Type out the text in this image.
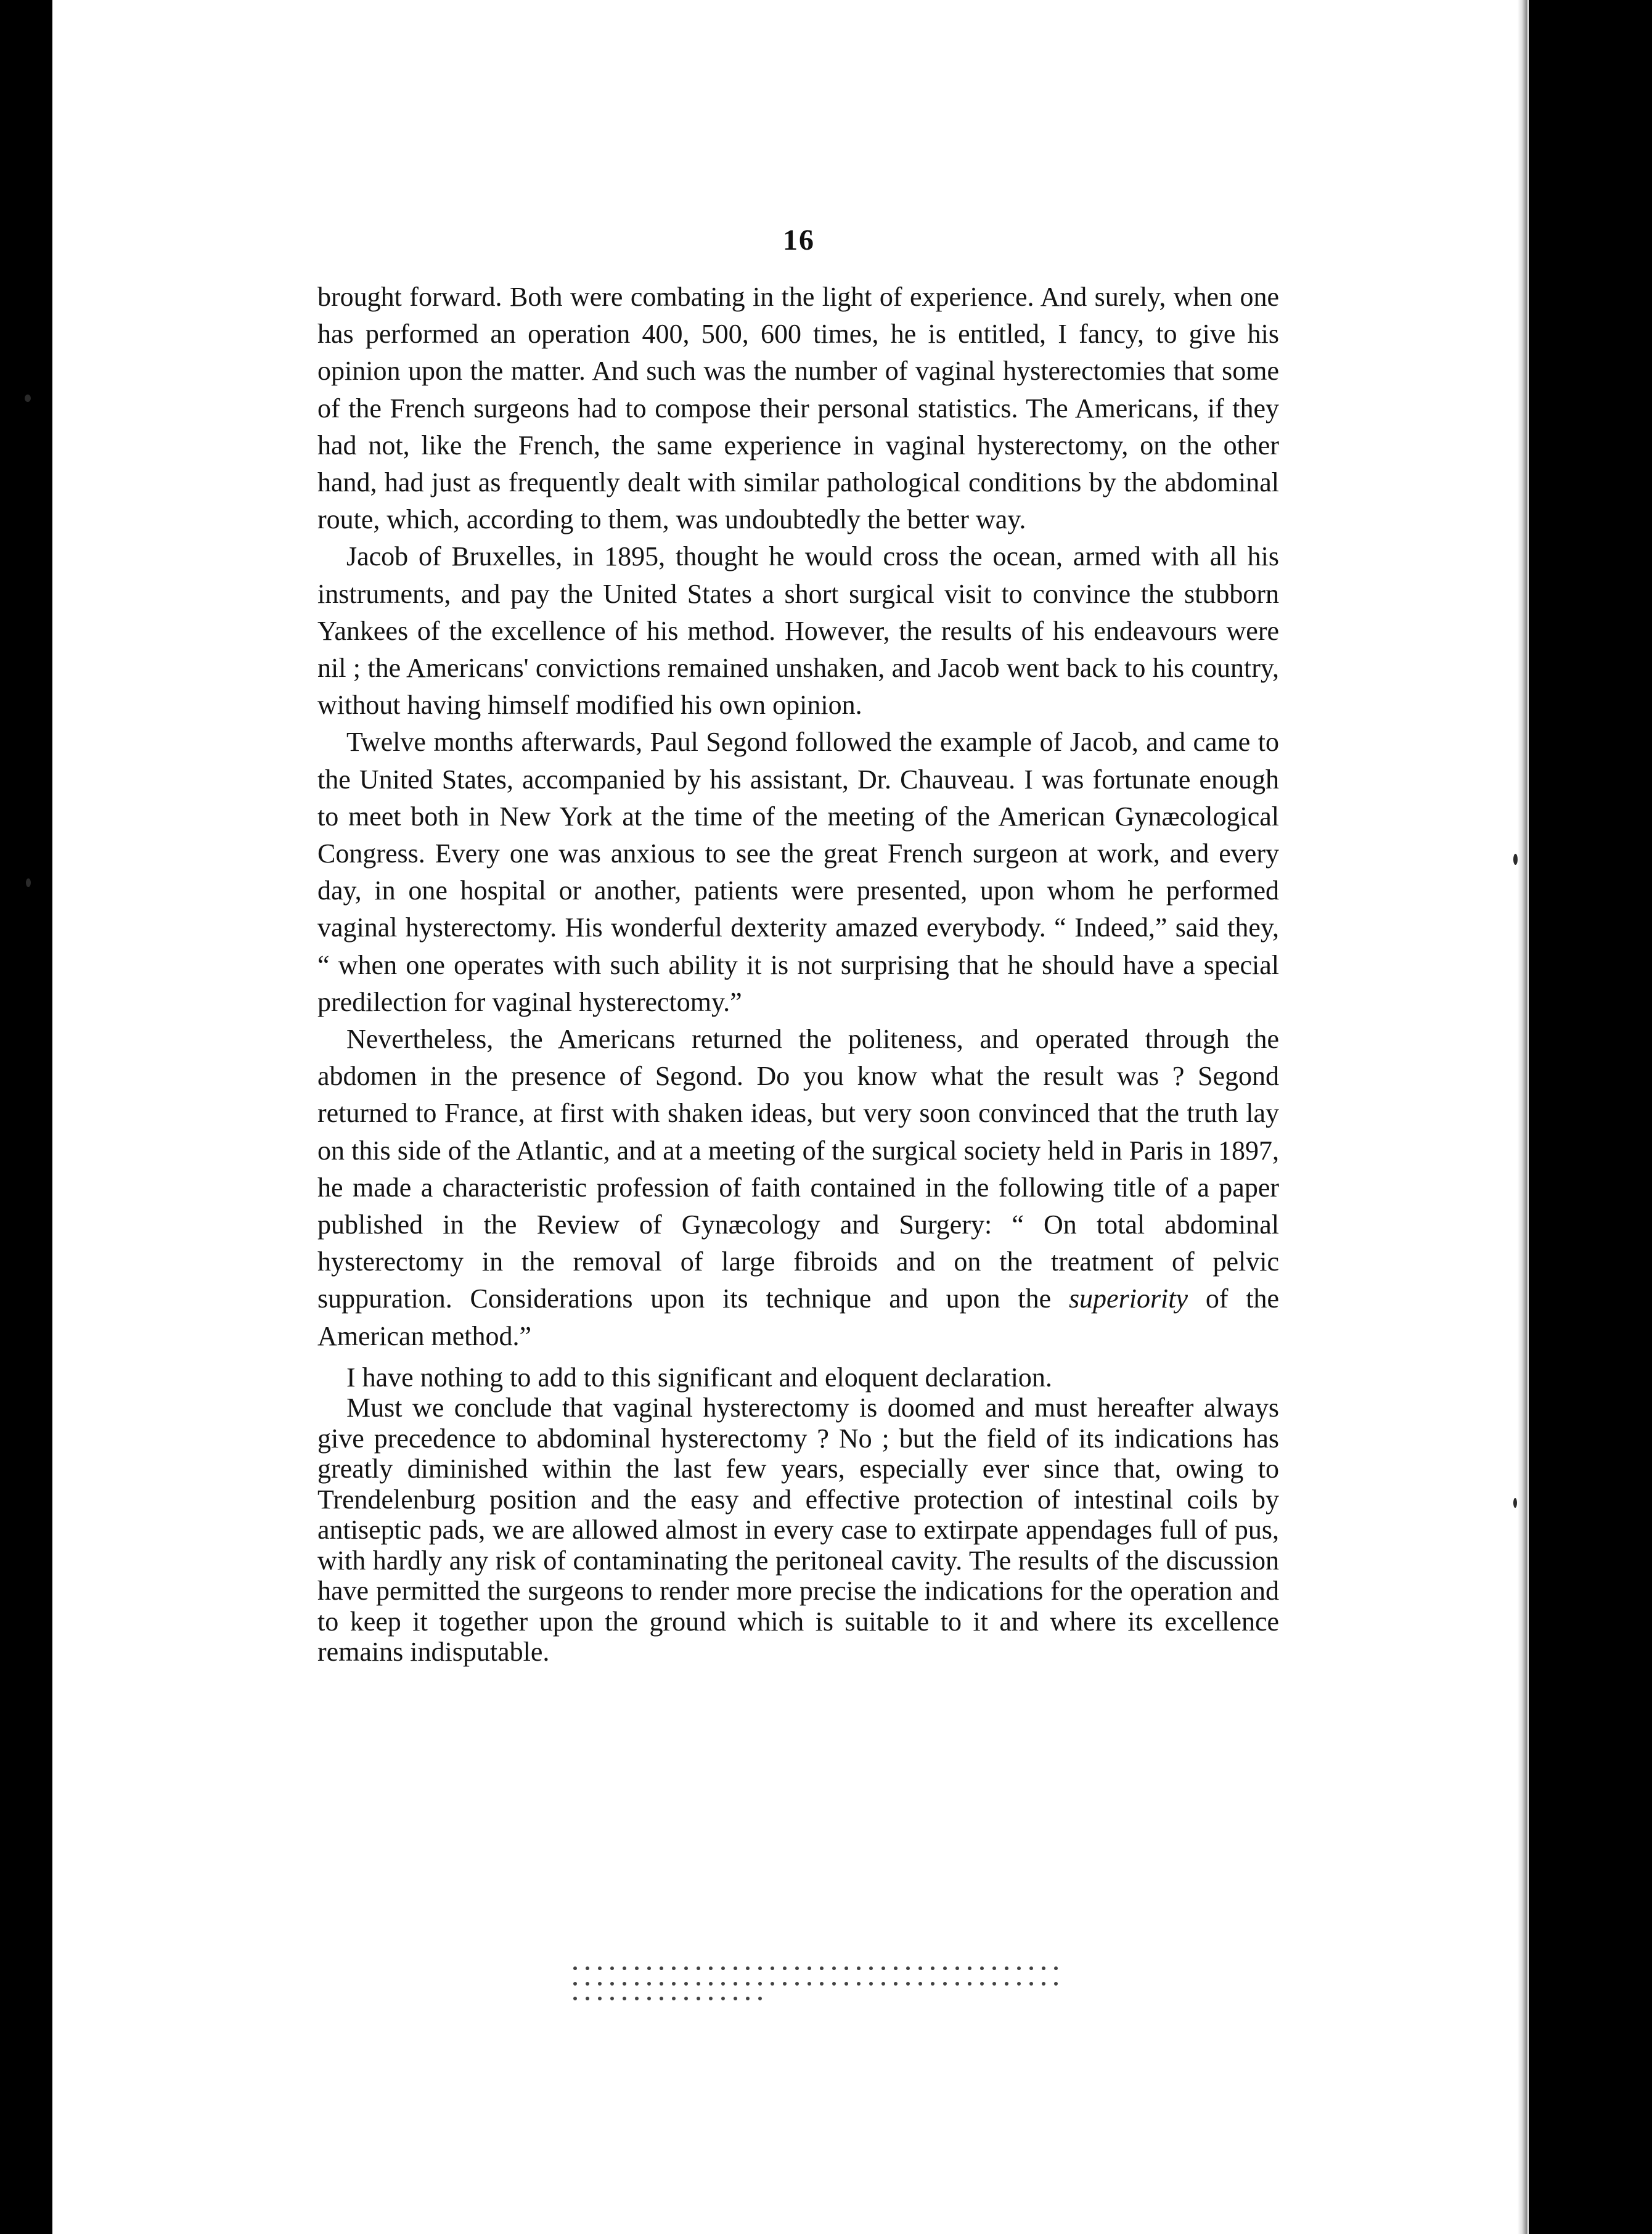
16

brought forward. Both were combating in the light of experience. And surely, when one has performed an operation 400, 500, 600 times, he is entitled, I fancy, to give his opinion upon the matter. And such was the number of vaginal hysterectomies that some of the French surgeons had to compose their personal statistics. The Americans, if they had not, like the French, the same experience in vaginal hysterectomy, on the other hand, had just as frequently dealt with similar pathological conditions by the abdominal route, which, according to them, was undoubtedly the better way.

Jacob of Bruxelles, in 1895, thought he would cross the ocean, armed with all his instruments, and pay the United States a short surgical visit to convince the stubborn Yankees of the excellence of his method. However, the results of his endeavours were nil ; the Americans' convictions remained unshaken, and Jacob went back to his country, without having himself modified his own opinion.

Twelve months afterwards, Paul Segond followed the example of Jacob, and came to the United States, accompanied by his assistant, Dr. Chauveau. I was fortunate enough to meet both in New York at the time of the meeting of the American Gynæcological Congress. Every one was anxious to see the great French surgeon at work, and every day, in one hospital or another, patients were presented, upon whom he performed vaginal hysterectomy. His wonderful dexterity amazed everybody. “ Indeed,” said they, “ when one operates with such ability it is not surprising that he should have a special predilection for vaginal hysterectomy.”

Nevertheless, the Americans returned the politeness, and operated through the abdomen in the presence of Segond. Do you know what the result was ? Segond returned to France, at first with shaken ideas, but very soon convinced that the truth lay on this side of the Atlantic, and at a meeting of the surgical society held in Paris in 1897, he made a characteristic profession of faith contained in the following title of a paper published in the Review of Gynæcology and Surgery: “ On total abdominal hysterectomy in the removal of large fibroids and on the treatment of pelvic suppuration. Considerations upon its technique and upon the superiority of the American method.”

I have nothing to add to this significant and eloquent declaration.

Must we conclude that vaginal hysterectomy is doomed and must hereafter always give precedence to abdominal hysterectomy ? No ; but the field of its indications has greatly diminished within the last few years, especially ever since that, owing to Trendelenburg position and the easy and effective protection of intestinal coils by antiseptic pads, we are allowed almost in every case to extirpate appendages full of pus, with hardly any risk of contaminating the peritoneal cavity. The results of the discussion have permitted the surgeons to render more precise the indications for the operation and to keep it together upon the ground which is suitable to it and where its excellence remains indisputable.
